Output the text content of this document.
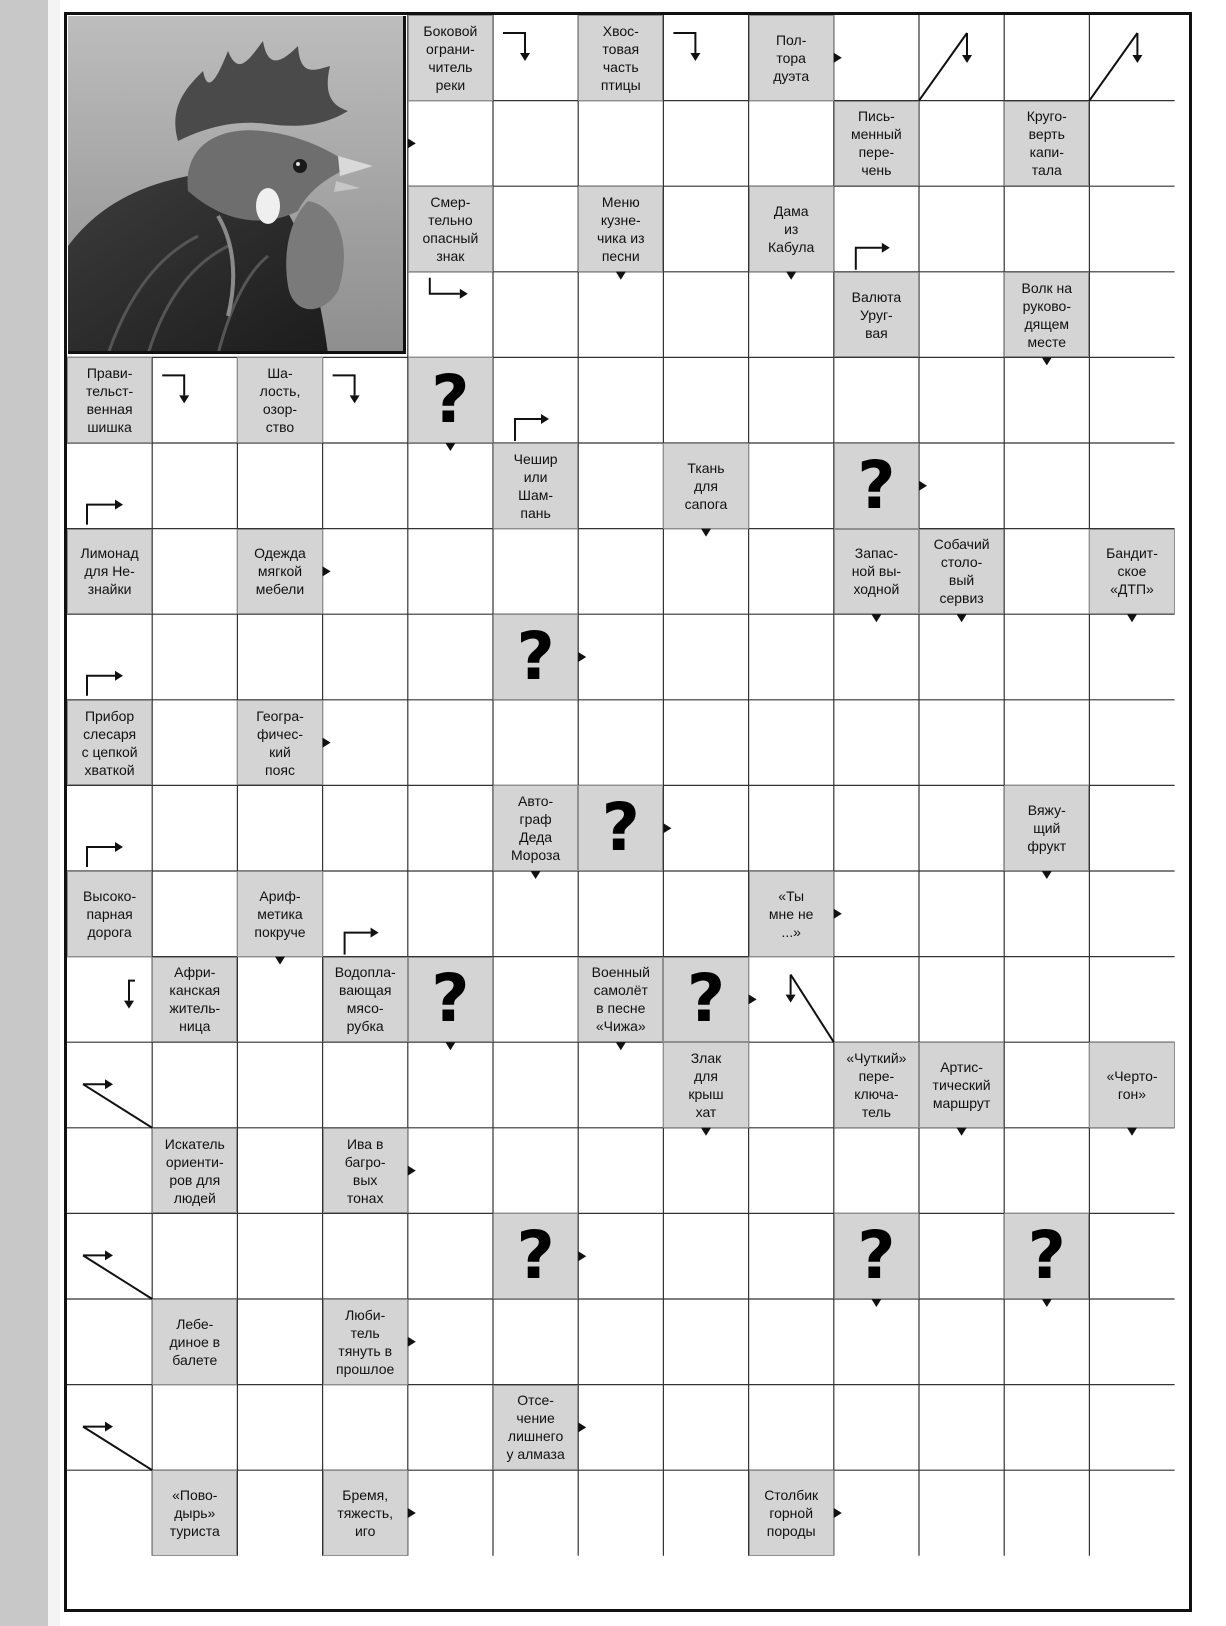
Боковой
ограни-
читель
реки
Хвос-
товая
часть
птицы
Пол-
тора
дуэта
Пись-
менный
пере-
чень
Круго-
верть
капи-
тала
Смер-
тельно
опасный
знак
Меню
кузне-
чика из
песни
Дама
из
Кабула
Валюта
Уруг-
вая
Волк на
руково-
дящем
месте
Прави-
тельст-
венная
шишка
Ша-
лость,
озор-
ство
Чешир
или
Шам-
пань
Ткань
для
сапога
Лимонад
для Не-
знайки
Одежда
мягкой
мебели
Запас-
ной вы-
ходной
Собачий
столо-
вый
сервиз
Бандит-
ское
«ДТП»
Прибор
слесаря
с цепкой
хваткой
Геогра-
фичес-
кий
пояс
Авто-
граф
Деда
Мороза
Вяжу-
щий
фрукт
Высоко-
парная
дорога
Ариф-
метика
покруче
«Ты
мне не
...»
Афри-
канская
житель-
ница
Водопла-
вающая
мясо-
рубка
Военный
самолёт
в песне
«Чижа»
Злак
для
крыш
хат
«Чуткий»
пере-
ключа-
тель
Артис-
тический
маршрут
«Черто-
гон»
Искатель
ориенти-
ров для
людей
Ива в
багро-
вых
тонах
Лебе-
диное в
балете
Люби-
тель
тянуть в
прошлое
Отсе-
чение
лишнего
у алмаза
«Пово-
дырь»
туриста
Бремя,
тяжесть,
иго
Столбик
горной
породы
?
?
?
?
?	?
?	?	?
